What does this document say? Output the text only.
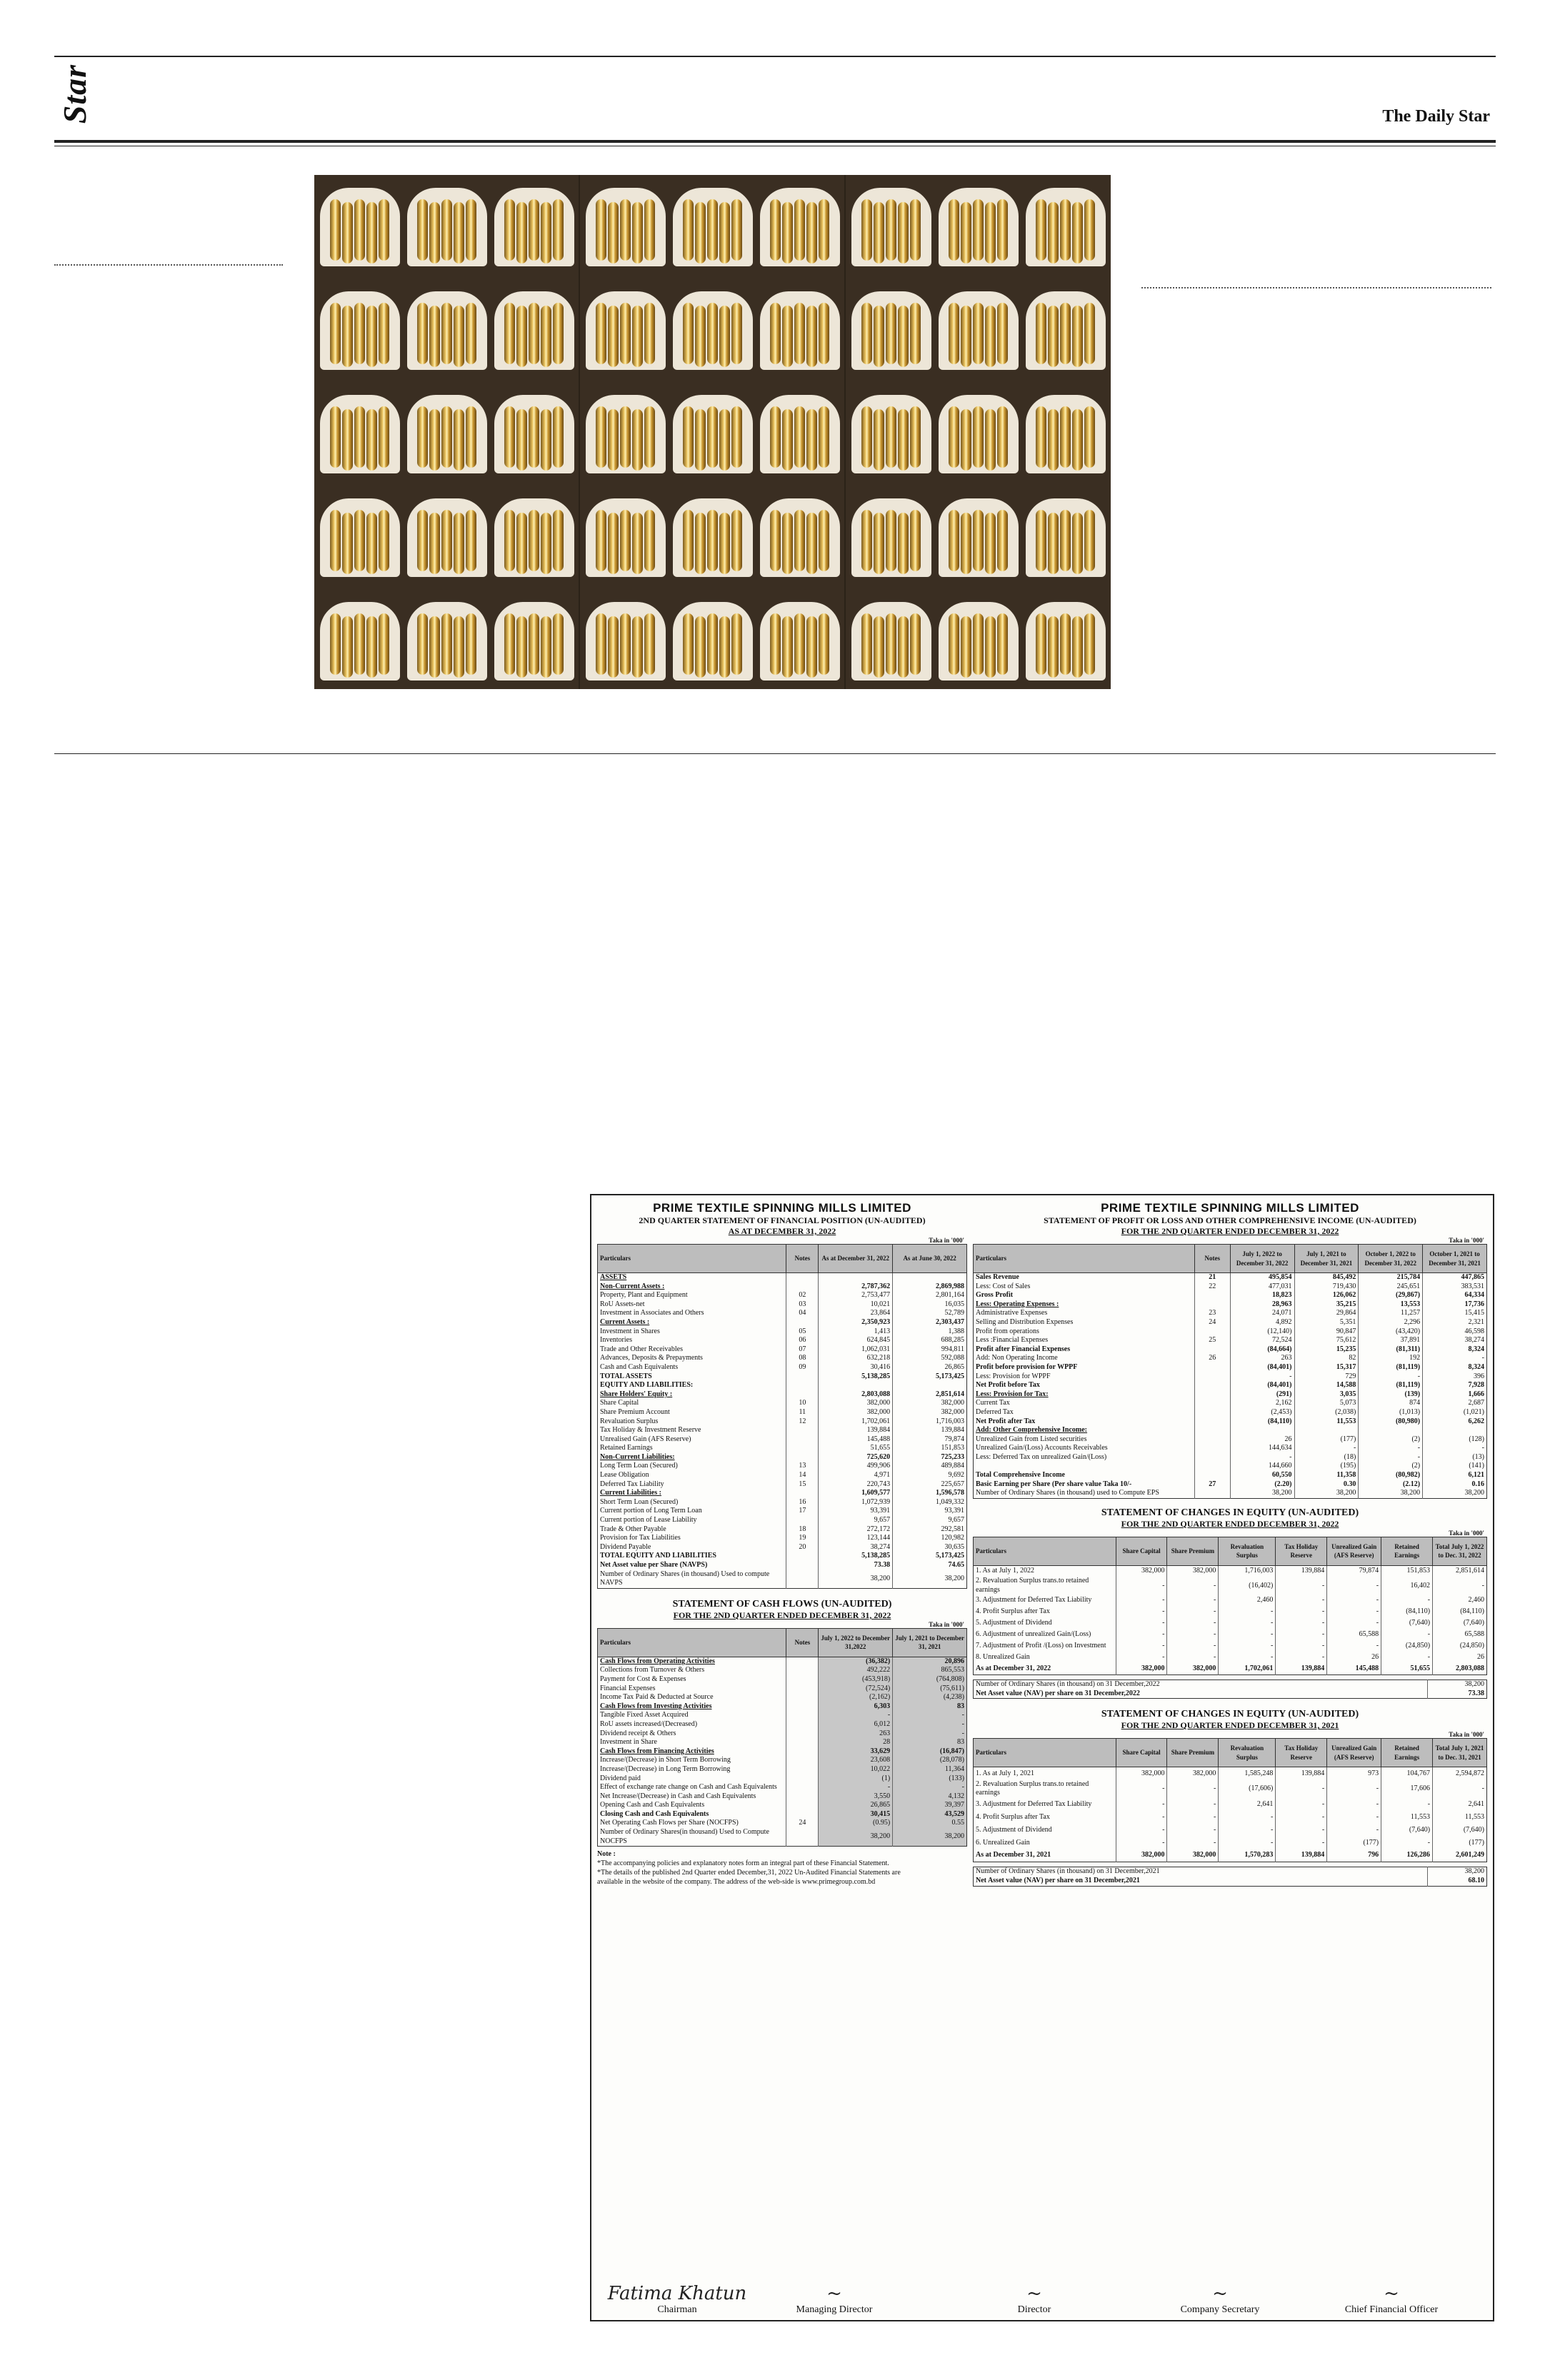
Star	The Daily Star
PRIME TEXTILE SPINNING MILLS LIMITED
2ND QUARTER STATEMENT OF FINANCIAL POSITION (UN-AUDITED)
AS AT DECEMBER 31, 2022
Taka in '000'
Particulars	Notes	As at December 31, 2022	As at June 30, 2022
ASSETS			
Non-Current Assets :		2,787,362	2,869,988
Property, Plant and Equipment	02	2,753,477	2,801,164
RoU Assets-net	03	10,021	16,035
Investment in Associates and Others	04	23,864	52,789
Current Assets :		2,350,923	2,303,437
Investment in Shares	05	1,413	1,388
Inventories	06	624,845	688,285
Trade and Other Receivables	07	1,062,031	994,811
Advances, Deposits & Prepayments	08	632,218	592,088
Cash and Cash Equivalents	09	30,416	26,865
TOTAL ASSETS		5,138,285	5,173,425
EQUITY AND LIABILITIES:			
Share Holders' Equity :		2,803,088	2,851,614
Share Capital	10	382,000	382,000
Share Premium Account	11	382,000	382,000
Revaluation Surplus	12	1,702,061	1,716,003
Tax Holiday & Investment Reserve		139,884	139,884
Unrealised Gain (AFS Reserve)		145,488	79,874
Retained Earnings		51,655	151,853
Non-Current Liabilities:		725,620	725,233
Long Term Loan (Secured)	13	499,906	489,884
Lease Obligation	14	4,971	9,692
Deferred Tax Liability	15	220,743	225,657
Current Liabilities :		1,609,577	1,596,578
Short Term Loan (Secured)	16	1,072,939	1,049,332
Current portion of Long Term Loan	17	93,391	93,391
Current portion of Lease Liability		9,657	9,657
Trade & Other Payable	18	272,172	292,581
Provision for Tax Liabilities	19	123,144	120,982
Dividend Payable	20	38,274	30,635
TOTAL EQUITY AND LIABILITIES		5,138,285	5,173,425
Net Asset value per Share (NAVPS)		73.38	74.65
Number of Ordinary Shares (in thousand) Used to compute NAVPS		38,200	38,200
STATEMENT OF CASH FLOWS (UN-AUDITED)
FOR THE 2ND QUARTER ENDED DECEMBER 31, 2022
Taka in '000'
Particulars	Notes	July 1, 2022 to December 31,2022	July 1, 2021 to December 31, 2021
Cash Flows from Operating Activities		(36,382)	20,896
Collections from Turnover & Others		492,222	865,553
Payment for Cost & Expenses		(453,918)	(764,808)
Financial Expenses		(72,524)	(75,611)
Income Tax Paid & Deducted at Source		(2,162)	(4,238)
Cash Flows from Investing Activities		6,303	83
Tangible Fixed Asset Acquired		-	-
RoU assets increased/(Decreased)		6,012	-
Dividend receipt & Others		263	-
Investment in Share		28	83
Cash Flows from Financing Activities		33,629	(16,847)
Increase/(Decrease) in Short Term Borrowing		23,608	(28,078)
Increase/(Decrease) in Long Term Borrowing		10,022	11,364
Dividend paid		(1)	(133)
Effect of exchange rate change on Cash and Cash Equivalents		-	-
Net Increase/(Decrease) in Cash and Cash Equivalents		3,550	4,132
Opening Cash and Cash Equivalents		26,865	39,397
Closing Cash and Cash Equivalents		30,415	43,529
Net Operating Cash Flows per Share (NOCFPS)	24	(0.95)	0.55
Number of Ordinary Shares(in thousand) Used to Compute NOCFPS		38,200	38,200
Note :
*The accompanying policies and explanatory notes form an integral part of these Financial Statement.
*The details of the published 2nd Quarter ended December,31, 2022 Un-Audited Financial Statements are available in the website of the company. The address of the web-side is www.primegroup.com.bd
PRIME TEXTILE SPINNING MILLS LIMITED
STATEMENT OF PROFIT OR LOSS AND OTHER COMPREHENSIVE INCOME (UN-AUDITED)
FOR THE 2ND QUARTER ENDED DECEMBER 31, 2022
Taka in '000'
Particulars	Notes	July 1, 2022 to December 31, 2022	July 1, 2021 to December 31, 2021	October 1, 2022 to December 31, 2022	October 1, 2021 to December 31, 2021
Sales Revenue	21	495,854	845,492	215,784	447,865
Less: Cost of Sales	22	477,031	719,430	245,651	383,531
Gross Profit		18,823	126,062	(29,867)	64,334
Less: Operating Expenses :		28,963	35,215	13,553	17,736
Administrative Expenses	23	24,071	29,864	11,257	15,415
Selling and Distribution Expenses	24	4,892	5,351	2,296	2,321
Profit from operations		(12,140)	90,847	(43,420)	46,598
Less :Financial Expenses	25	72,524	75,612	37,891	38,274
Profit after Financial Expenses		(84,664)	15,235	(81,311)	8,324
Add: Non Operating Income	26	263	82	192	-
Profit before provision for WPPF		(84,401)	15,317	(81,119)	8,324
Less: Provision for WPPF		-	729	-	396
Net Profit before Tax		(84,401)	14,588	(81,119)	7,928
Less: Provision for Tax:		(291)	3,035	(139)	1,666
Current Tax		2,162	5,073	874	2,687
Deferred Tax		(2,453)	(2,038)	(1,013)	(1,021)
Net Profit after Tax		(84,110)	11,553	(80,980)	6,262
Add: Other Comprehensive Income:					
Unrealized Gain from Listed securities		26	(177)	(2)	(128)
Unrealized Gain/(Loss) Accounts Receivables		144,634	-	-	-
Less: Deferred Tax on unrealized Gain/(Loss)		-	(18)	-	(13)
		144,660	(195)	(2)	(141)
Total Comprehensive Income		60,550	11,358	(80,982)	6,121
Basic Earning per Share (Per share value Taka 10/-	27	(2.20)	0.30	(2.12)	0.16
Number of Ordinary Shares (in thousand) used to Compute EPS		38,200	38,200	38,200	38,200
STATEMENT OF CHANGES IN EQUITY (UN-AUDITED)
FOR THE 2ND QUARTER ENDED DECEMBER 31, 2022
Taka in '000'
Particulars	Share Capital	Share Premium	Revaluation Surplus	Tax Holiday Reserve	Unrealized Gain (AFS Reserve)	Retained Earnings	Total July 1, 2022 to Dec. 31, 2022
1. As at July 1, 2022	382,000	382,000	1,716,003	139,884	79,874	151,853	2,851,614
2. Revaluation Surplus trans.to retained earnings	-	-	(16,402)	-	-	16,402	-
3. Adjustment for Deferred Tax Liability	-	-	2,460	-	-	-	2,460
4. Profit Surplus after Tax	-	-	-	-	-	(84,110)	(84,110)
5. Adjustment of Dividend	-	-	-	-	-	(7,640)	(7,640)
6. Adjustment of unrealized Gain/(Loss)	-	-	-	-	65,588	-	65,588
7. Adjustment of Profit /(Loss) on Investment	-	-	-	-	-	(24,850)	(24,850)
8. Unrealized Gain	-	-	-	-	26	-	26
As at December 31, 2022	382,000	382,000	1,702,061	139,884	145,488	51,655	2,803,088
Number of Ordinary Shares (in thousand) on 31 December,2022	38,200
Net Asset value (NAV) per share on 31 December,2022	73.38
STATEMENT OF CHANGES IN EQUITY (UN-AUDITED)
FOR THE 2ND QUARTER ENDED DECEMBER 31, 2021
Taka in '000'
Particulars	Share Capital	Share Premium	Revaluation Surplus	Tax Holiday Reserve	Unrealized Gain (AFS Reserve)	Retained Earnings	Total July 1, 2021 to Dec. 31, 2021
1. As at July 1, 2021	382,000	382,000	1,585,248	139,884	973	104,767	2,594,872
2. Revaluation Surplus trans.to retained earnings	-	-	(17,606)	-	-	17,606	-
3. Adjustment for Deferred Tax Liability	-	-	2,641	-	-	-	2,641
4. Profit Surplus after Tax	-	-	-	-	-	11,553	11,553
5. Adjustment of Dividend	-	-	-	-	-	(7,640)	(7,640)
6. Unrealized Gain	-	-	-	-	(177)	-	(177)
As at December 31, 2021	382,000	382,000	1,570,283	139,884	796	126,286	2,601,249
Number of Ordinary Shares (in thousand) on 31 December,2021	38,200
Net Asset value (NAV) per share on 31 December,2021	68.10
Fatima Khatun
Chairman
~
Managing Director
~
Director
~
Company Secretary
~
Chief Financial Officer
